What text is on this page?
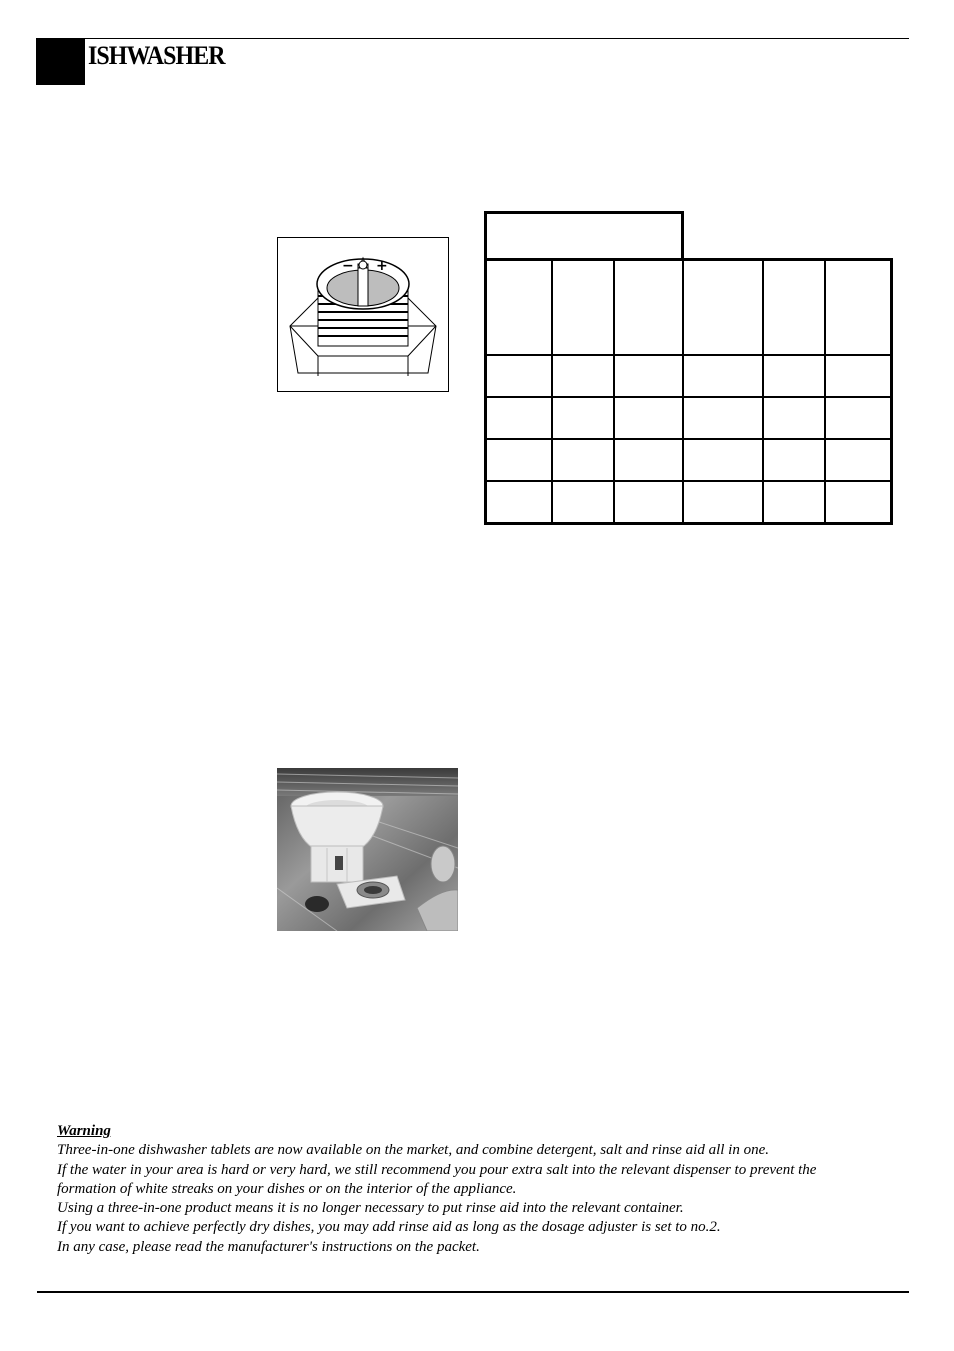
ISHWASHER
− +

Warning
Three-in-one dishwasher tablets are now available on the market, and combine detergent, salt and rinse aid all in one.
If the water in your area is hard or very hard, we still recommend you pour extra salt into the relevant dispenser to prevent the
formation of white streaks on your dishes or on the interior of the appliance.
Using a three-in-one product means it is no longer necessary to put rinse aid into the relevant container.
If you want to achieve perfectly dry dishes, you may add rinse aid as long as the dosage adjuster is set to no.2.
In any case, please read the manufacturer's instructions on the packet.
